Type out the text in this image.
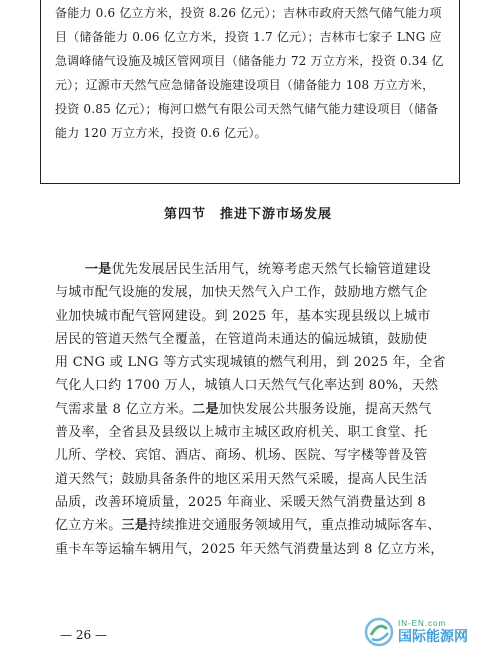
备能力 0.6 亿立方米，投资 8.26 亿元）；吉林市政府天然气储气能力项
目（储备能力 0.06 亿立方米，投资 1.7 亿元）；吉林市七家子 LNG 应
急调峰储气设施及城区管网项目（储备能力 72 万立方米，投资 0.34 亿
元）；辽源市天然气应急储备设施建设项目（储备能力 108 万立方米，
投资 0.85 亿元）；梅河口燃气有限公司天然气储气能力建设项目（储备
能力 120 万立方米，投资 0.6 亿元）。
第四节　推进下游市场发展
一是优先发展居民生活用气，统筹考虑天然气长输管道建设
与城市配气设施的发展，加快天然气入户工作，鼓励地方燃气企
业加快城市配气管网建设。到 2025 年，基本实现县级以上城市
居民的管道天然气全覆盖，在管道尚未通达的偏远城镇，鼓励使
用 CNG 或 LNG 等方式实现城镇的燃气利用，到 2025 年，全省
气化人口约 1700 万人，城镇人口天然气气化率达到 80%，天然
气需求量 8 亿立方米。二是加快发展公共服务设施，提高天然气
普及率，全省县及县级以上城市主城区政府机关、职工食堂、托
儿所、学校、宾馆、酒店、商场、机场、医院、写字楼等普及管
道天然气；鼓励具备条件的地区采用天然气采暖，提高人民生活
品质，改善环境质量，2025 年商业、采暖天然气消费量达到 8
亿立方米。三是持续推进交通服务领域用气，重点推动城际客车、
重卡车等运输车辆用气，2025 年天然气消费量达到 8 亿立方米，
— 26 —
IN-EN.com
国际能源网
